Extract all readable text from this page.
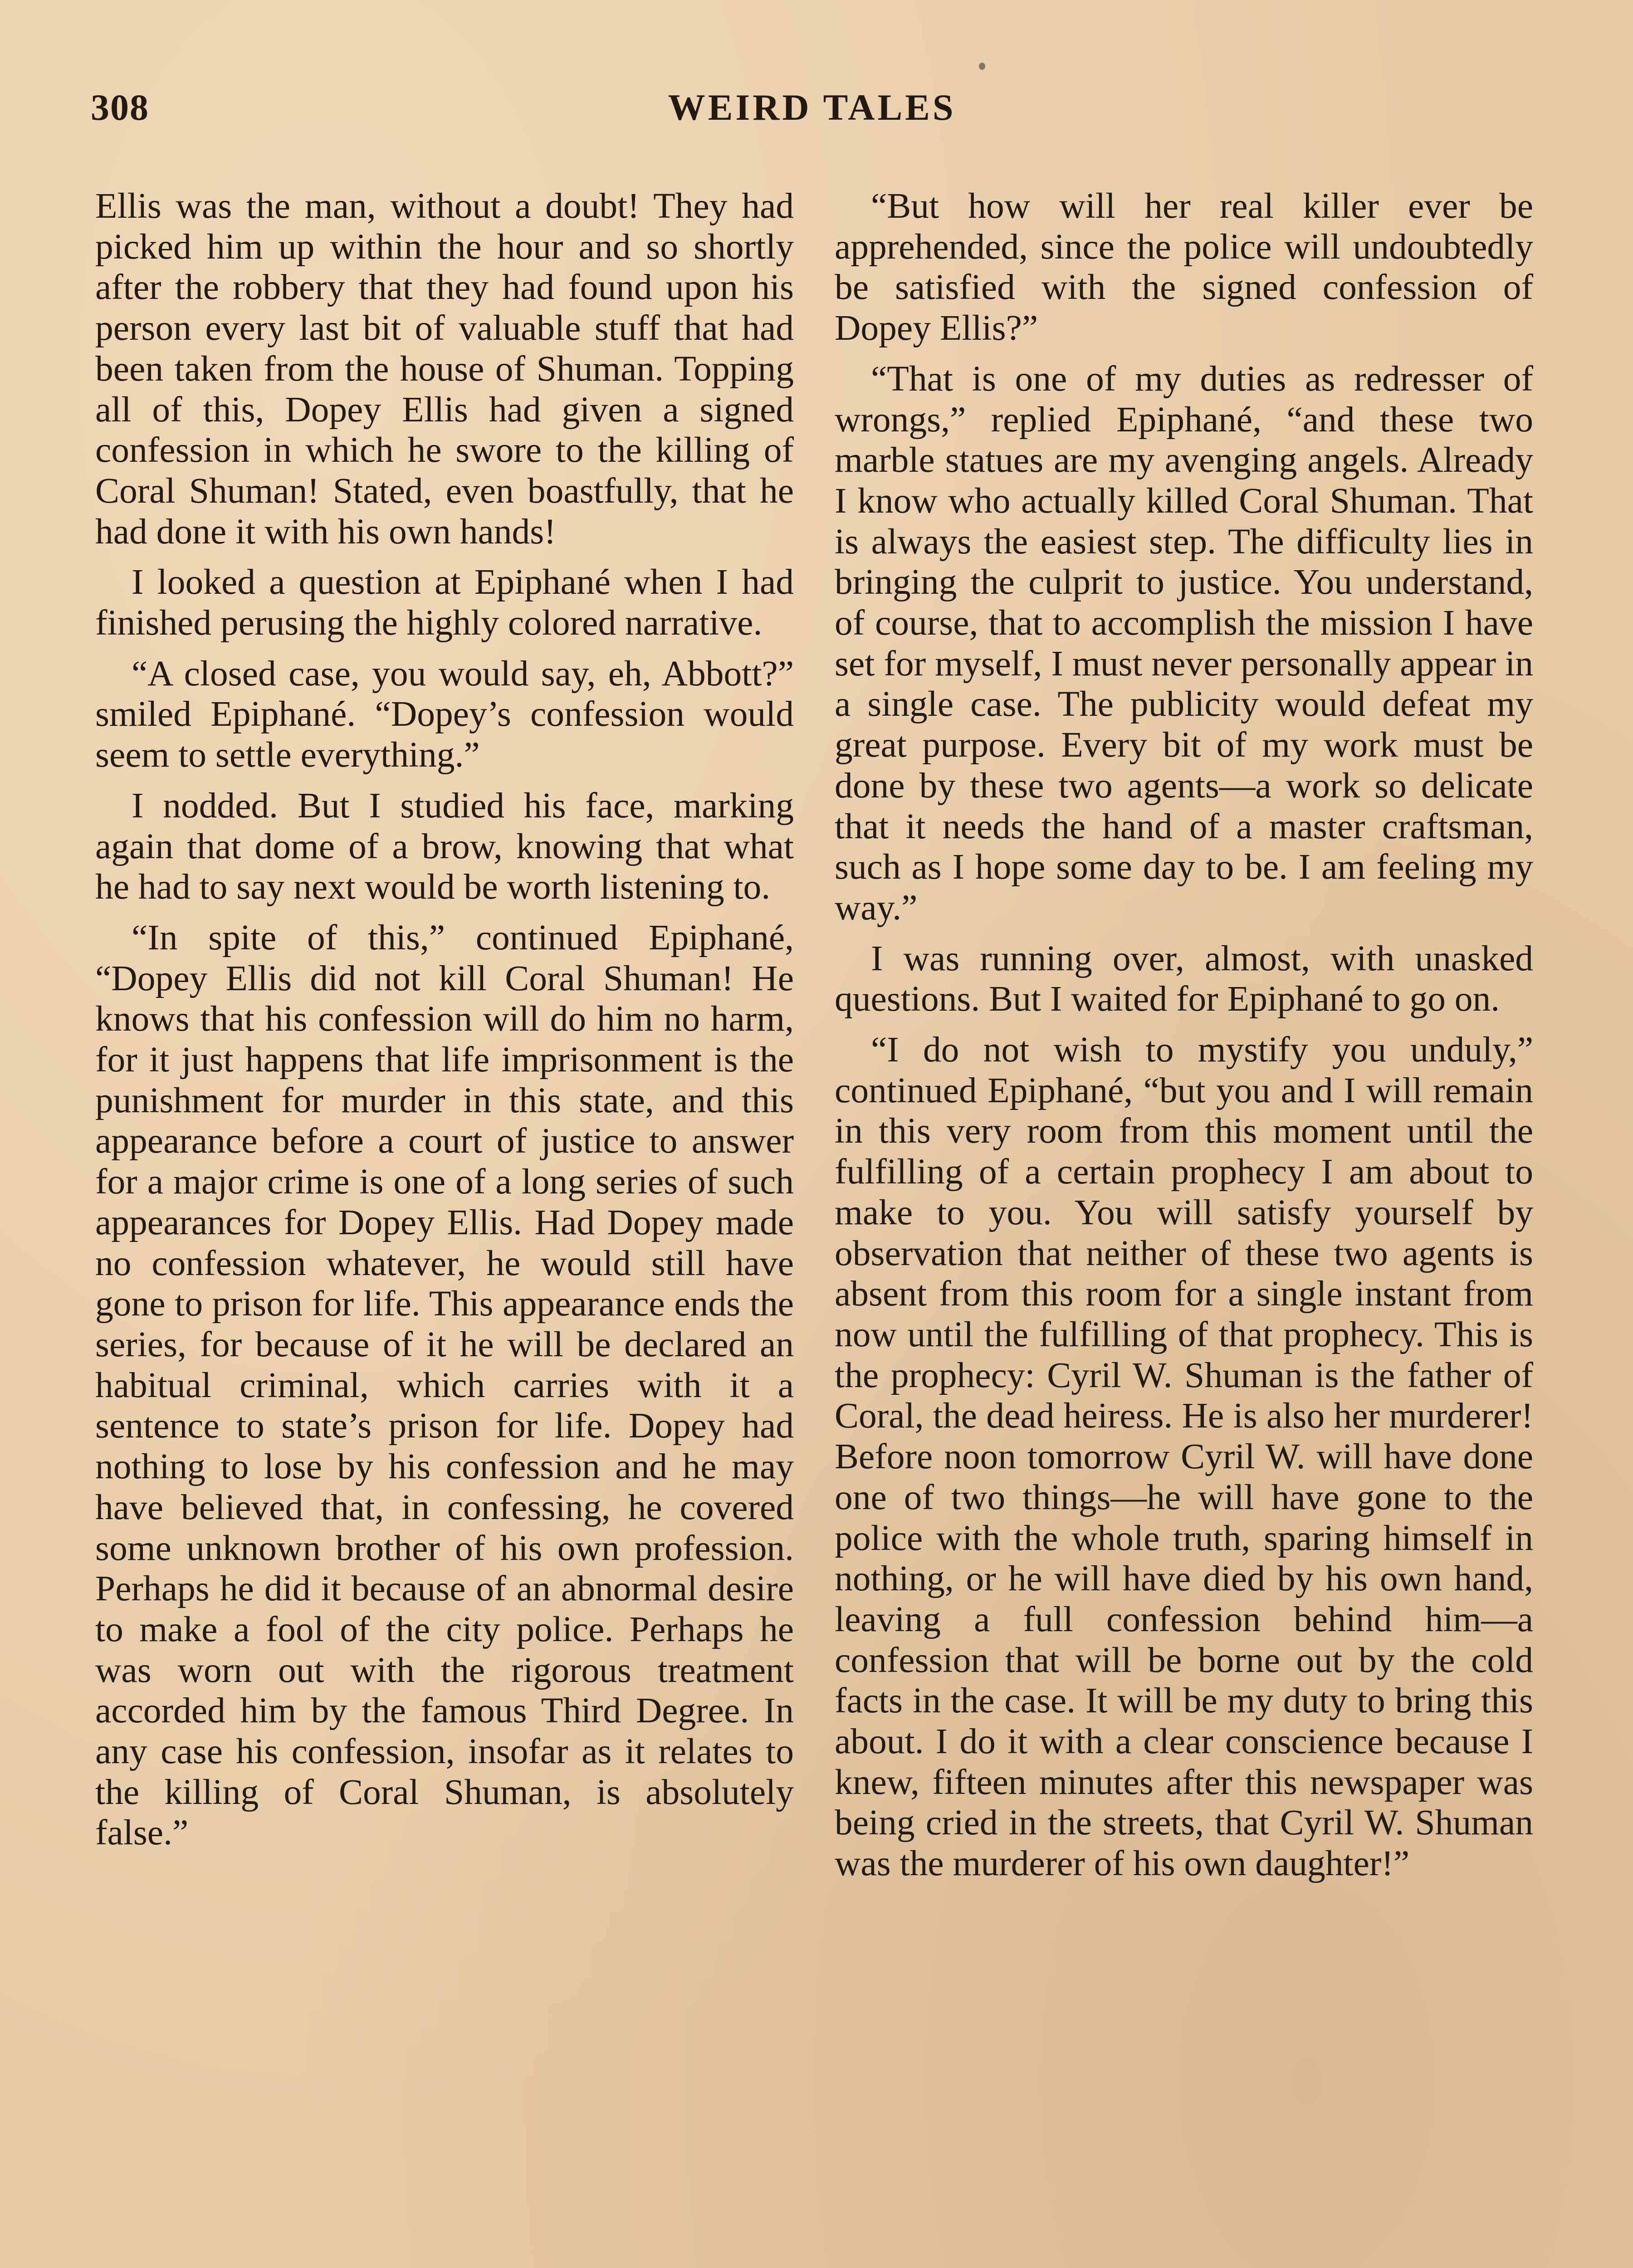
308	WEIRD TALES

Ellis was the man, without a doubt! They had picked him up within the hour and so shortly after the robbery that they had found upon his person every last bit of valuable stuff that had been taken from the house of Shuman. Topping all of this, Dopey Ellis had given a signed confession in which he swore to the killing of Coral Shuman! Stated, even boastfully, that he had done it with his own hands!

I looked a question at Epiphané when I had finished perusing the highly colored narrative.

“A closed case, you would say, eh, Abbott?” smiled Epiphané. “Dopey’s confession would seem to settle everything.”

I nodded. But I studied his face, marking again that dome of a brow, knowing that what he had to say next would be worth listening to.

“In spite of this,” continued Epiphané, “Dopey Ellis did not kill Coral Shuman! He knows that his confession will do him no harm, for it just happens that life imprisonment is the punishment for murder in this state, and this appearance before a court of justice to answer for a major crime is one of a long series of such appearances for Dopey Ellis. Had Dopey made no confession whatever, he would still have gone to prison for life. This appearance ends the series, for because of it he will be declared an habitual criminal, which carries with it a sentence to state’s prison for life. Dopey had nothing to lose by his confession and he may have believed that, in confessing, he covered some unknown brother of his own profession. Perhaps he did it because of an abnormal desire to make a fool of the city police. Perhaps he was worn out with the rigorous treatment accorded him by the famous Third Degree. In any case his confession, insofar as it relates to the killing of Coral Shuman, is absolutely false.”

“But how will her real killer ever be apprehended, since the police will undoubtedly be satisfied with the signed confession of Dopey Ellis?”

“That is one of my duties as redresser of wrongs,” replied Epiphané, “and these two marble statues are my avenging angels. Already I know who actually killed Coral Shuman. That is always the easiest step. The difficulty lies in bringing the culprit to justice. You understand, of course, that to accomplish the mission I have set for myself, I must never personally appear in a single case. The publicity would defeat my great purpose. Every bit of my work must be done by these two agents—a work so delicate that it needs the hand of a master craftsman, such as I hope some day to be. I am feeling my way.”

I was running over, almost, with unasked questions. But I waited for Epiphané to go on.

“I do not wish to mystify you unduly,” continued Epiphané, “but you and I will remain in this very room from this moment until the fulfilling of a certain prophecy I am about to make to you. You will satisfy yourself by observation that neither of these two agents is absent from this room for a single instant from now until the fulfilling of that prophecy. This is the prophecy: Cyril W. Shuman is the father of Coral, the dead heiress. He is also her murderer! Before noon tomorrow Cyril W. will have done one of two things—he will have gone to the police with the whole truth, sparing himself in nothing, or he will have died by his own hand, leaving a full confession behind him—a confession that will be borne out by the cold facts in the case. It will be my duty to bring this about. I do it with a clear conscience because I knew, fifteen minutes after this newspaper was being cried in the streets, that Cyril W. Shuman was the murderer of his own daughter!”
